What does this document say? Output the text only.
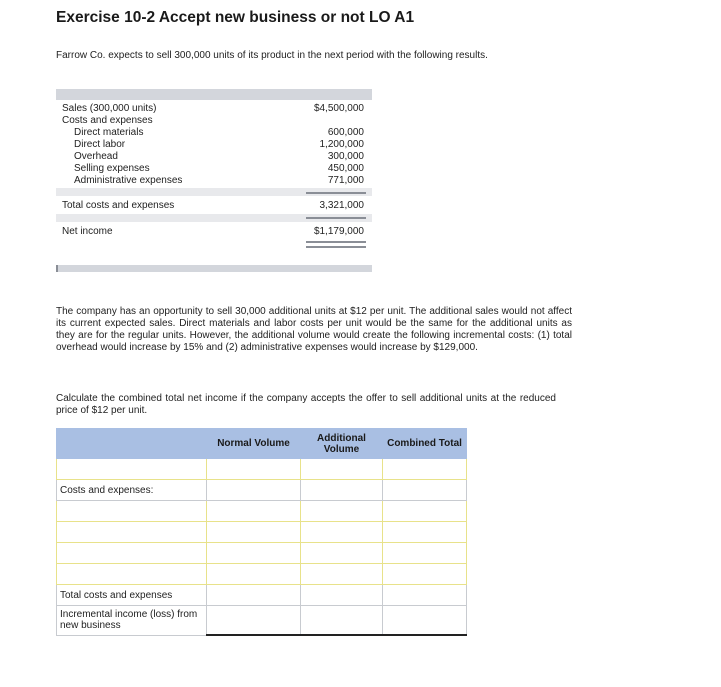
Exercise 10-2 Accept new business or not LO A1
Farrow Co. expects to sell 300,000 units of its product in the next period with the following results.
Sales (300,000 units)	$4,500,000
Costs and expenses
Direct materials	600,000
Direct labor	1,200,000
Overhead	300,000
Selling expenses	450,000
Administrative expenses	771,000
Total costs and expenses	3,321,000
Net income	$1,179,000
The company has an opportunity to sell 30,000 additional units at $12 per unit. The additional sales would not affect its current expected sales. Direct materials and labor costs per unit would be the same for the additional units as they are for the regular units. However, the additional volume would create the following incremental costs: (1) total overhead would increase by 15% and (2) administrative expenses would increase by $129,000.
Calculate the combined total net income if the company accepts the offer to sell additional units at the reduced price of $12 per unit.
	Normal Volume	Additional Volume	Combined Total

Costs and expenses:			

Total costs and expenses			
Incremental income (loss) from new business			
